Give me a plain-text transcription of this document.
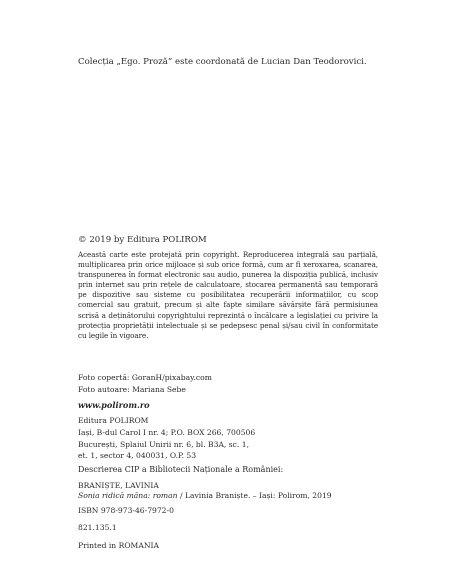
Colecția „Ego. Proză” este coordonată de Lucian Dan Teodorovici.

© 2019 by Editura POLIROM

Această carte este protejată prin copyright. Reproducerea integrală sau parțială, multiplicarea prin orice mijloace și sub orice formă, cum ar fi xeroxarea, scanarea, transpunerea în format electronic sau audio, punerea la dispoziția publică, inclusiv prin internet sau prin rețele de calculatoare, stocarea permanentă sau temporară pe dispozitive sau sisteme cu posibilitatea recuperării informațiilor, cu scop comercial sau gratuit, precum și alte fapte similare săvârșite fără permisiunea scrisă a deținătorului copyrightului reprezintă o încălcare a legislației cu privire la protecția proprietății intelectuale și se pedepsesc penal și/sau civil în conformitate cu legile în vigoare.

Foto copertă: GoranH/pixabay.com
Foto autoare: Mariana Sebe

www.polirom.ro

Editura POLIROM
Iași, B-dul Carol I nr. 4; P.O. BOX 266, 700506
București, Splaiul Unirii nr. 6, bl. B3A, sc. 1,
et. 1, sector 4, 040031, O.P. 53

Descrierea CIP a Bibliotecii Naționale a României:

BRANIȘTE, LAVINIA

Sonia ridică mâna: roman / Lavinia Braniște. – Iași: Polirom, 2019

ISBN 978-973-46-7972-0

821.135.1

Printed in ROMANIA
